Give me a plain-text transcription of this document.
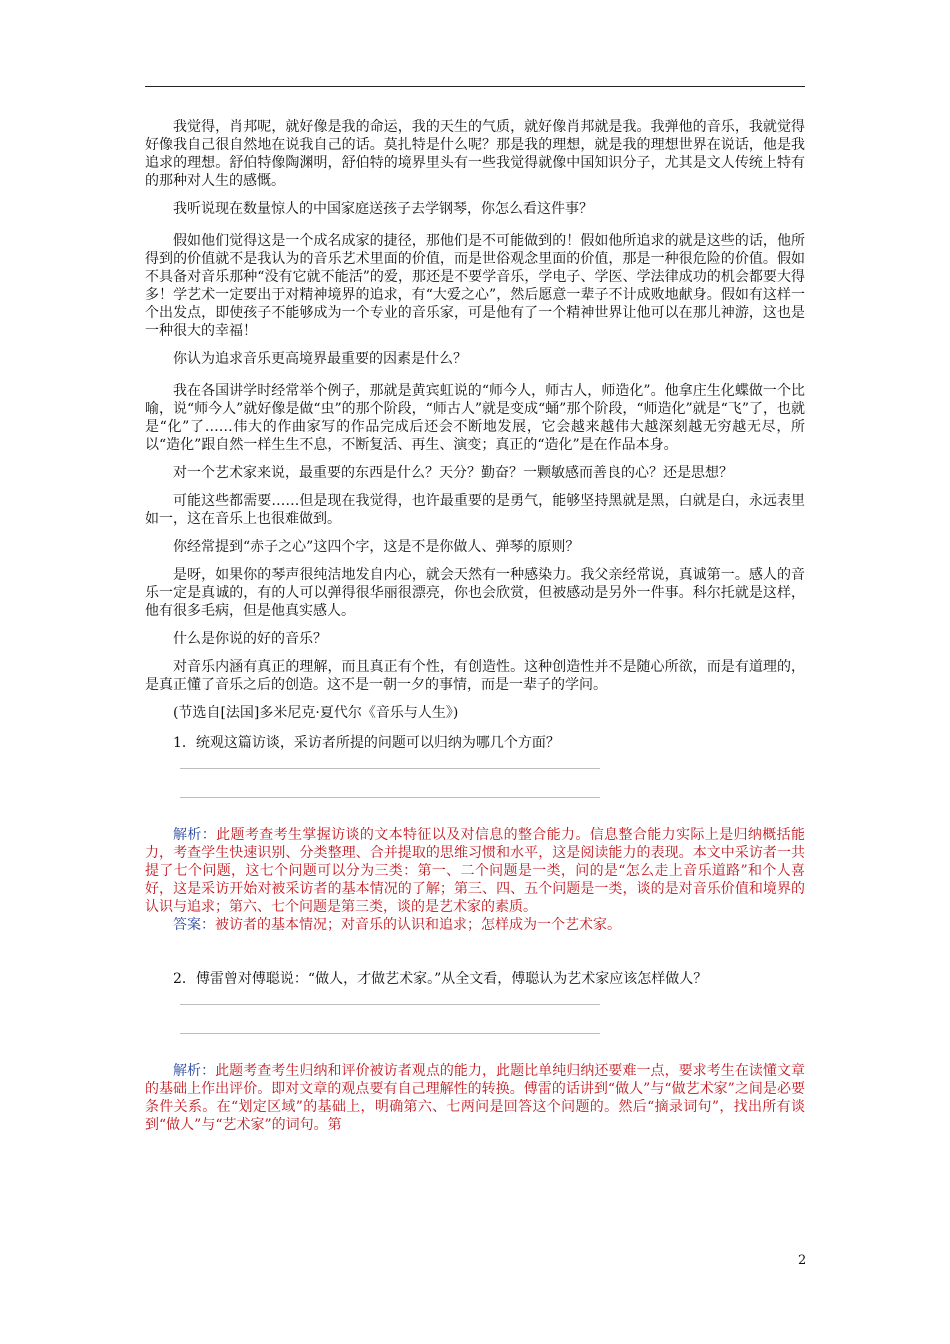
我觉得，肖邦呢，就好像是我的命运，我的天生的气质，就好像肖邦就是我。我弹他的音乐，我就觉得好像我自己很自然地在说我自己的话。莫扎特是什么呢？那是我的理想，就是我的理想世界在说话，他是我追求的理想。舒伯特像陶渊明，舒伯特的境界里头有一些我觉得就像中国知识分子，尤其是文人传统上特有的那种对人生的感慨。

我听说现在数量惊人的中国家庭送孩子去学钢琴，你怎么看这件事？

假如他们觉得这是一个成名成家的捷径，那他们是不可能做到的！假如他所追求的就是这些的话，他所得到的价值就不是我认为的音乐艺术里面的价值，而是世俗观念里面的价值，那是一种很危险的价值。假如不具备对音乐那种“没有它就不能活”的爱，那还是不要学音乐，学电子、学医、学法律成功的机会都要大得多！学艺术一定要出于对精神境界的追求，有“大爱之心”，然后愿意一辈子不计成败地献身。假如有这样一个出发点，即使孩子不能够成为一个专业的音乐家，可是他有了一个精神世界让他可以在那儿神游，这也是一种很大的幸福！

你认为追求音乐更高境界最重要的因素是什么？

我在各国讲学时经常举个例子，那就是黄宾虹说的“师今人，师古人，师造化”。他拿庄生化蝶做一个比喻，说“师今人”就好像是做“虫”的那个阶段，“师古人”就是变成“蛹”那个阶段，“师造化”就是“飞”了，也就是“化”了……伟大的作曲家写的作品完成后还会不断地发展，它会越来越伟大越深刻越无穷越无尽，所以“造化”跟自然一样生生不息，不断复活、再生、演变；真正的“造化”是在作品本身。

对一个艺术家来说，最重要的东西是什么？天分？勤奋？一颗敏感而善良的心？还是思想？

可能这些都需要……但是现在我觉得，也许最重要的是勇气，能够坚持黑就是黑，白就是白，永远表里如一，这在音乐上也很难做到。

你经常提到“赤子之心”这四个字，这是不是你做人、弹琴的原则？

是呀，如果你的琴声很纯洁地发自内心，就会天然有一种感染力。我父亲经常说，真诚第一。感人的音乐一定是真诚的，有的人可以弹得很华丽很漂亮，你也会欣赏，但被感动是另外一件事。科尔托就是这样，他有很多毛病，但是他真实感人。

什么是你说的好的音乐？

对音乐内涵有真正的理解，而且真正有个性，有创造性。这种创造性并不是随心所欲，而是有道理的，是真正懂了音乐之后的创造。这不是一朝一夕的事情，而是一辈子的学问。

(节选自[法国]多米尼克·夏代尔《音乐与人生》)

1．统观这篇访谈，采访者所提的问题可以归纳为哪几个方面？

解析：此题考查考生掌握访谈的文本特征以及对信息的整合能力。信息整合能力实际上是归纳概括能力，考查学生快速识别、分类整理、合并提取的思维习惯和水平，这是阅读能力的表现。本文中采访者一共提了七个问题，这七个问题可以分为三类：第一、二个问题是一类，问的是“怎么走上音乐道路”和个人喜好，这是采访开始对被采访者的基本情况的了解；第三、四、五个问题是一类，谈的是对音乐价值和境界的认识与追求；第六、七个问题是第三类，谈的是艺术家的素质。

答案：被访者的基本情况；对音乐的认识和追求；怎样成为一个艺术家。

2．傅雷曾对傅聪说：“做人，才做艺术家。”从全文看，傅聪认为艺术家应该怎样做人？

解析：此题考查考生归纳和评价被访者观点的能力，此题比单纯归纳还要难一点，要求考生在读懂文章的基础上作出评价。即对文章的观点要有自己理解性的转换。傅雷的话讲到“做人”与“做艺术家”之间是必要条件关系。在“划定区域”的基础上，明确第六、七两问是回答这个问题的。然后“摘录词句”，找出所有谈到“做人”与“艺术家”的词句。第

2
